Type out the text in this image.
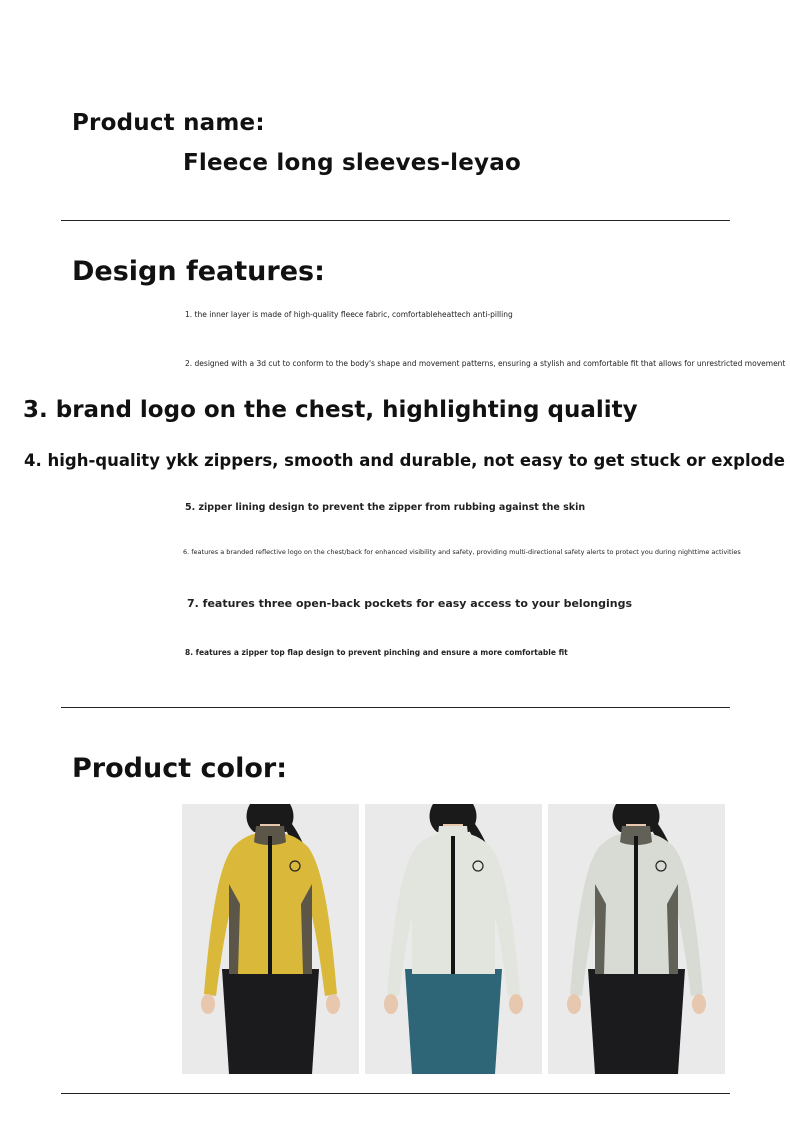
Product name:

Fleece long sleeves-leyao

Design features:

1. the inner layer is made of high-quality fleece fabric, comfortableheattech anti-pilling

2. designed with a 3d cut to conform to the body's shape and movement patterns, ensuring a stylish and comfortable fit that allows for unrestricted movement

3. brand logo on the chest, highlighting quality

4. high-quality ykk zippers, smooth and durable, not easy to get stuck or explode

5. zipper lining design to prevent the zipper from rubbing against the skin

6. features a branded reflective logo on the chest/back for enhanced visibility and safety, providing multi-directional safety alerts to protect you during nighttime activities

7. features three open-back pockets for easy access to your belongings

8. features a zipper top flap design to prevent pinching and ensure a more comfortable fit

Product color:
